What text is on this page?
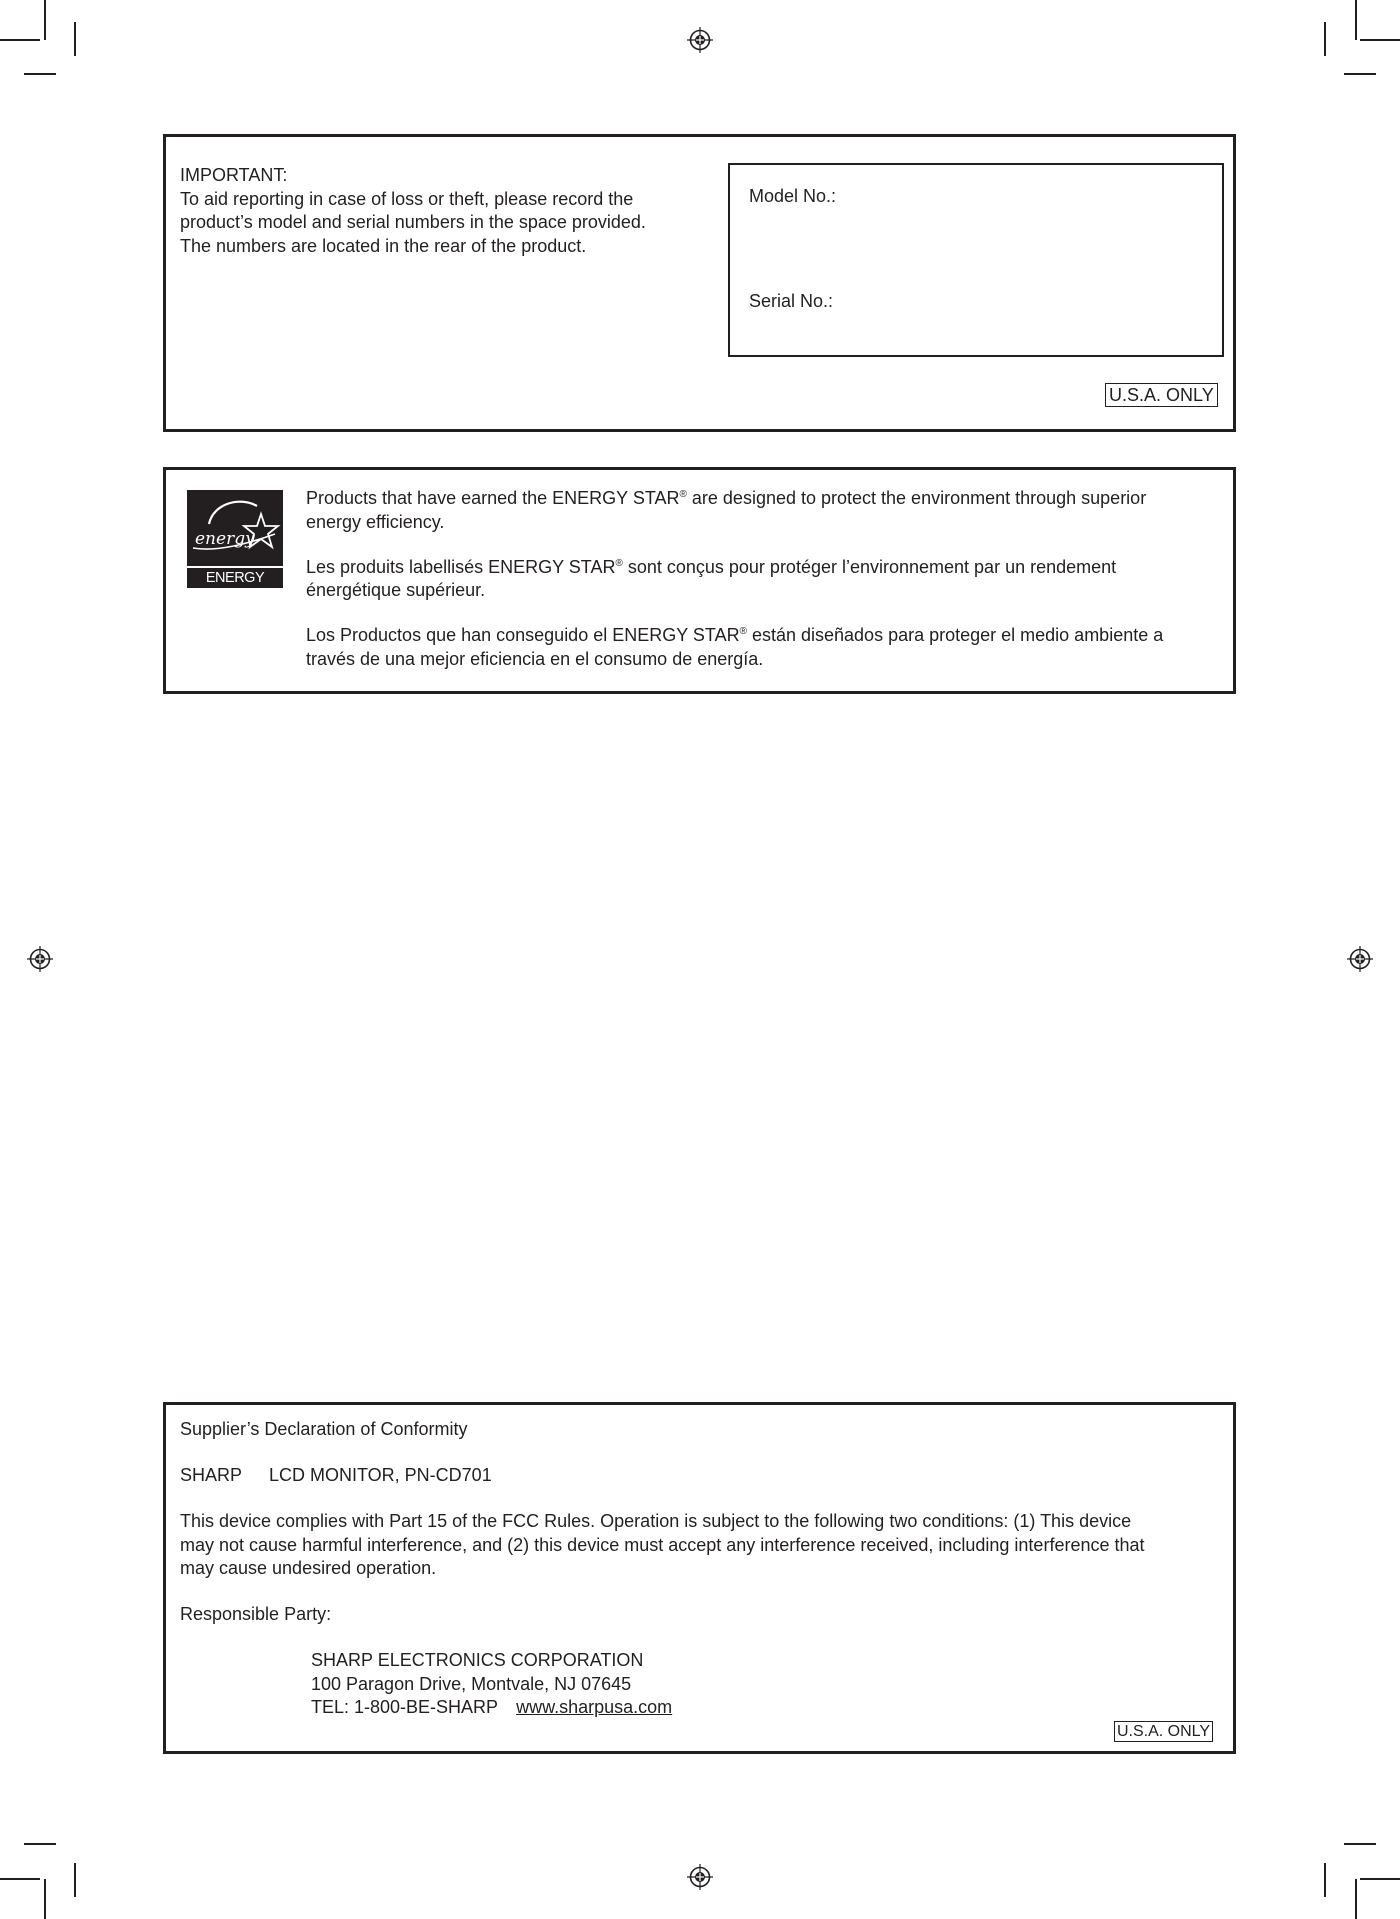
IMPORTANT:
To aid reporting in case of loss or theft, please record the
product’s model and serial numbers in the space provided.
The numbers are located in the rear of the product.
Model No.:
Serial No.:
U.S.A. ONLY
energy
ENERGY STAR
Products that have earned the ENERGY STAR® are designed to protect the environment through superior
energy efficiency.
Les produits labellisés ENERGY STAR® sont conçus pour protéger l’environnement par un rendement
énergétique supérieur.
Los Productos que han conseguido el ENERGY STAR® están diseñados para proteger el medio ambiente a
través de una mejor eficiencia en el consumo de energía.
Supplier’s Declaration of Conformity
SHARP LCD MONITOR, PN-CD701
This device complies with Part 15 of the FCC Rules. Operation is subject to the following two conditions: (1) This device
may not cause harmful interference, and (2) this device must accept any interference received, including interference that
may cause undesired operation.
Responsible Party:
SHARP ELECTRONICS CORPORATION
100 Paragon Drive, Montvale, NJ 07645
TEL: 1-800-BE-SHARP www.sharpusa.com
U.S.A. ONLY
